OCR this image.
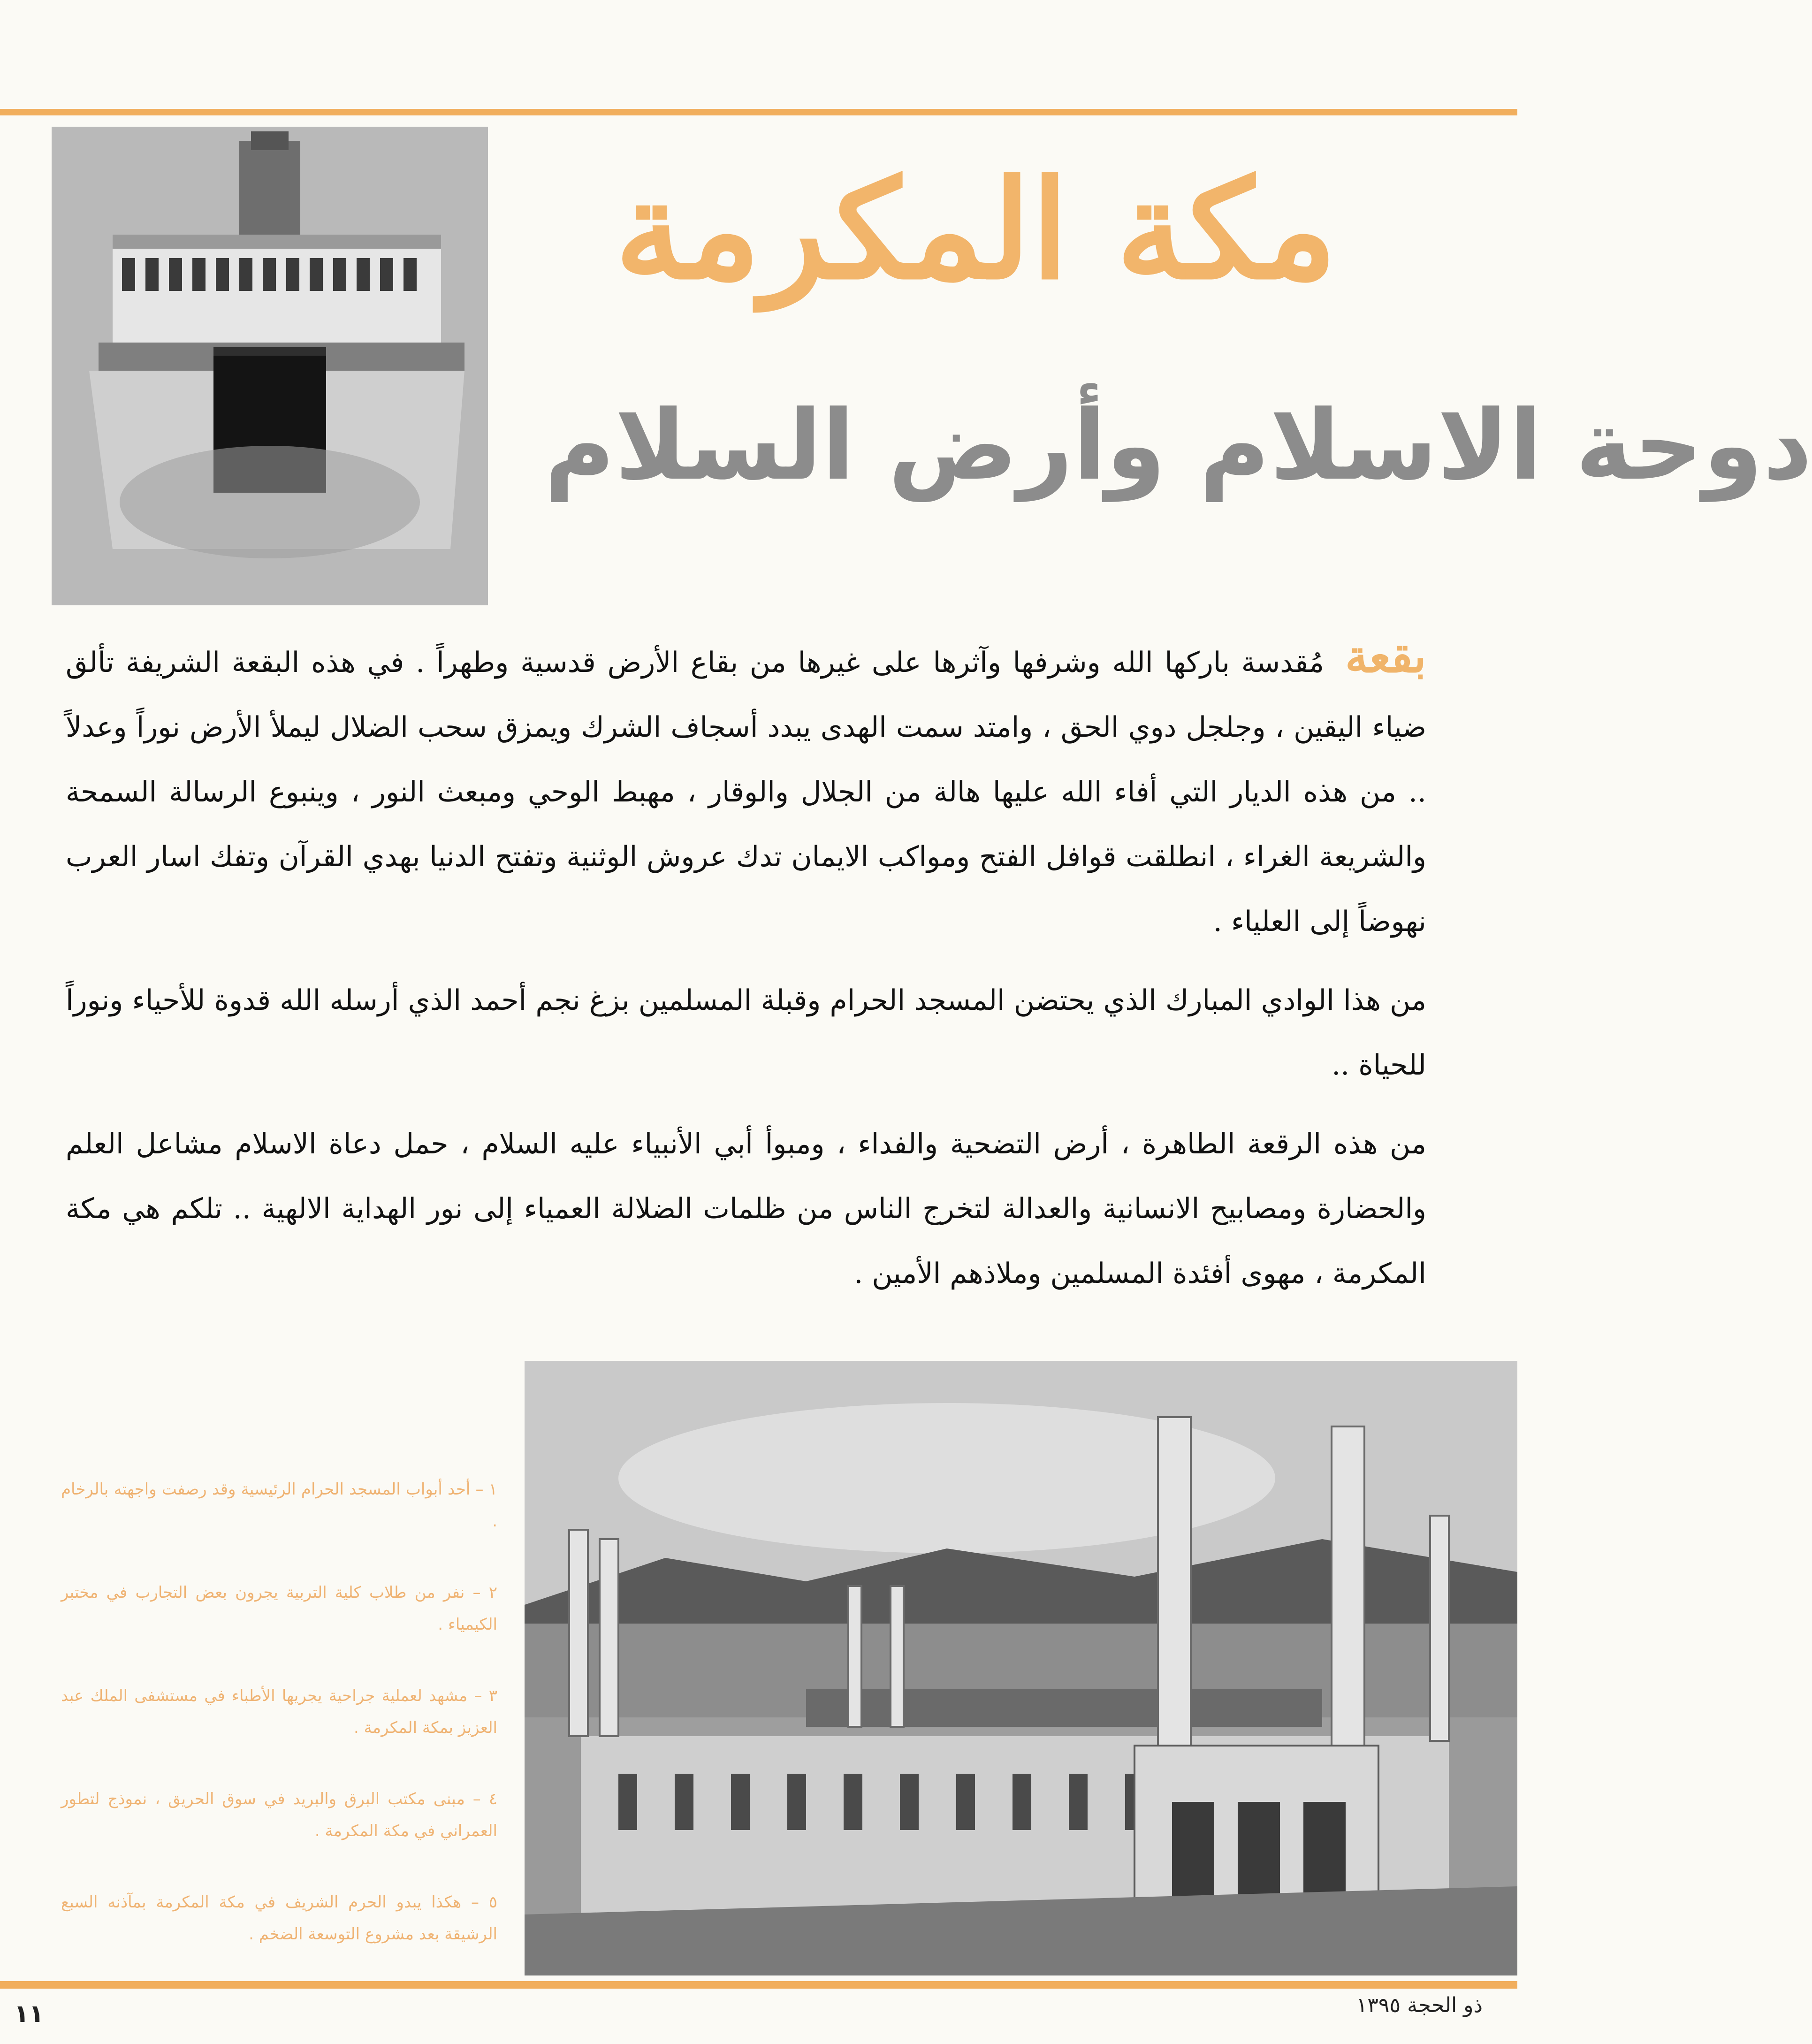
مكة المكرمة
دوحة الاسلام وأرض السلام

بقعة مُقدسة باركها الله وشرفها وآثرها على غيرها من بقاع الأرض قدسية وطهراً . في هذه البقعة الشريفة تألق ضياء اليقين ، وجلجل دوي الحق ، وامتد سمت الهدى يبدد أسجاف الشرك ويمزق سحب الضلال ليملأ الأرض نوراً وعدلاً .. من هذه الديار التي أفاء الله عليها هالة من الجلال والوقار ، مهبط الوحي ومبعث النور ، وينبوع الرسالة السمحة والشريعة الغراء ، انطلقت قوافل الفتح ومواكب الايمان تدك عروش الوثنية وتفتح الدنيا بهدي القرآن وتفك اسار العرب نهوضاً إلى العلياء .

من هذا الوادي المبارك الذي يحتضن المسجد الحرام وقبلة المسلمين بزغ نجم أحمد الذي أرسله الله قدوة للأحياء ونوراً للحياة ..

من هذه الرقعة الطاهرة ، أرض التضحية والفداء ، ومبوأ أبي الأنبياء عليه السلام ، حمل دعاة الاسلام مشاعل العلم والحضارة ومصابيح الانسانية والعدالة لتخرج الناس من ظلمات الضلالة العمياء إلى نور الهداية الالهية .. تلكم هي مكة المكرمة ، مهوى أفئدة المسلمين وملاذهم الأمين .

١ – أحد أبواب المسجد الحرام الرئيسية وقد رصفت واجهته بالرخام .

٢ – نفر من طلاب كلية التربية يجرون بعض التجارب في مختبر الكيمياء .

٣ – مشهد لعملية جراحية يجريها الأطباء في مستشفى الملك عبد العزيز بمكة المكرمة .

٤ – مبنى مكتب البرق والبريد في سوق الحريق ، نموذج لتطور العمراني في مكة المكرمة .

٥ – هكذا يبدو الحرم الشريف في مكة المكرمة بمآذنه السبع الرشيقة بعد مشروع التوسعة الضخم .

١١	ذو الحجة ١٣٩٥
